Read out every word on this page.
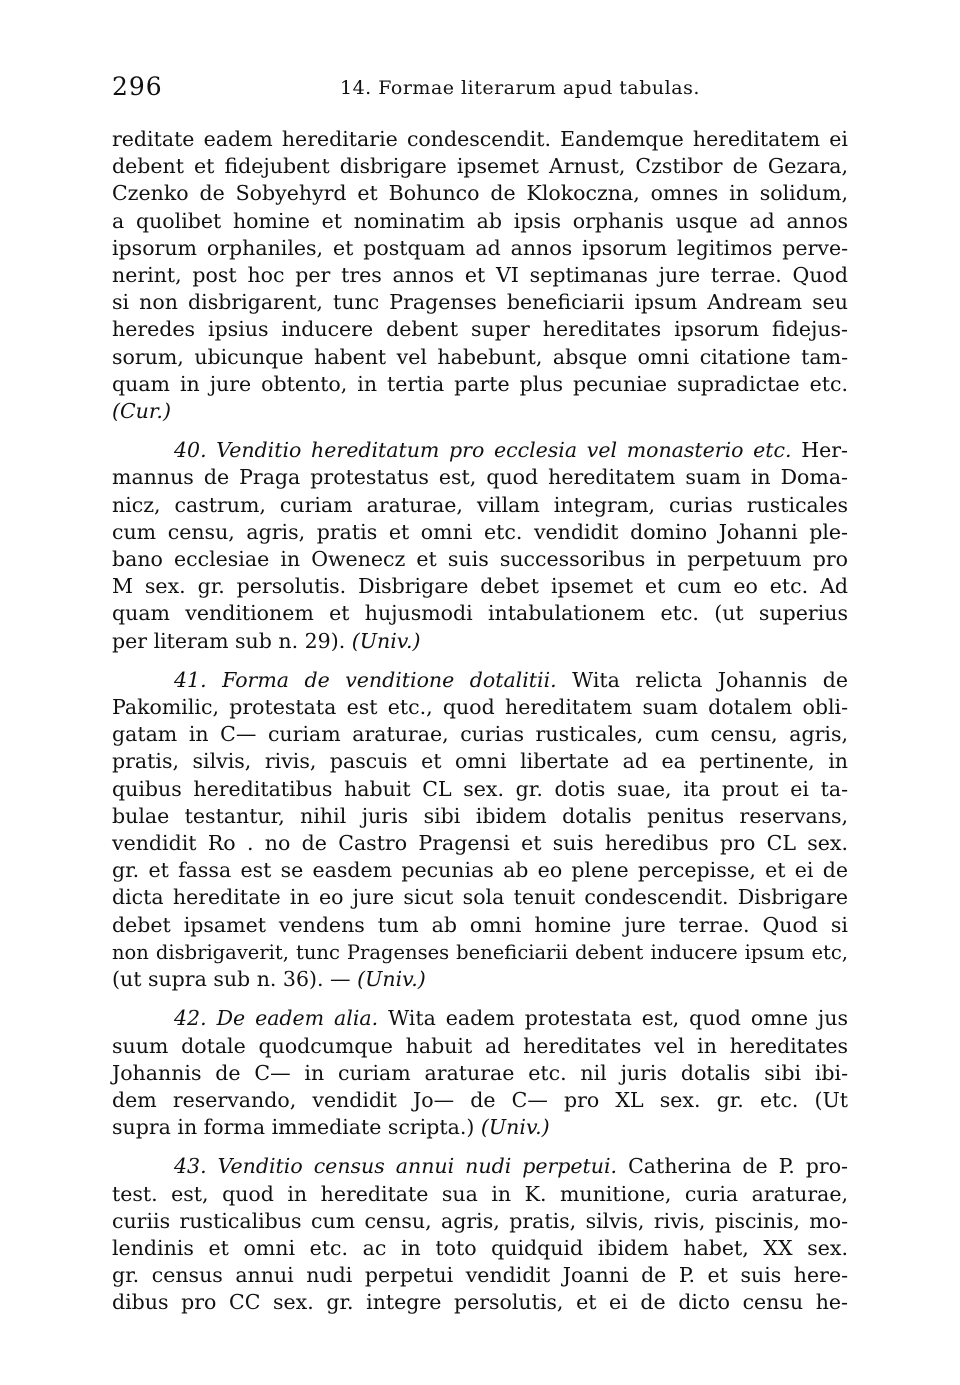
296	14. Formae literarum apud tabulas.
reditate eadem hereditarie condescendit. Eandemque hereditatem ei
debent et fidejubent disbrigare ipsemet Arnust, Czstibor de Gezara,
Czenko de Sobyehyrd et Bohunco de Klokoczna, omnes in solidum,
a quolibet homine et nominatim ab ipsis orphanis usque ad annos
ipsorum orphaniles, et postquam ad annos ipsorum legitimos perve-
nerint, post hoc per tres annos et VI septimanas jure terrae. Quod
si non disbrigarent, tunc Pragenses beneficiarii ipsum Andream seu
heredes ipsius inducere debent super hereditates ipsorum fidejus-
sorum, ubicunque habent vel habebunt, absque omni citatione tam-
quam in jure obtento, in tertia parte plus pecuniae supradictae etc.
(Cur.)
40. Venditio hereditatum pro ecclesia vel monasterio etc. Her-
mannus de Praga protestatus est, quod hereditatem suam in Doma-
nicz, castrum, curiam araturae, villam integram, curias rusticales
cum censu, agris, pratis et omni etc. vendidit domino Johanni ple-
bano ecclesiae in Owenecz et suis successoribus in perpetuum pro
M sex. gr. persolutis. Disbrigare debet ipsemet et cum eo etc. Ad
quam venditionem et hujusmodi intabulationem etc. (ut superius
per literam sub n. 29). (Univ.)
41. Forma de venditione dotalitii. Wita relicta Johannis de
Pakomilic, protestata est etc., quod hereditatem suam dotalem obli-
gatam in C— curiam araturae, curias rusticales, cum censu, agris,
pratis, silvis, rivis, pascuis et omni libertate ad ea pertinente, in
quibus hereditatibus habuit CL sex. gr. dotis suae, ita prout ei ta-
bulae testantur, nihil juris sibi ibidem dotalis penitus reservans,
vendidit Ro . no de Castro Pragensi et suis heredibus pro CL sex.
gr. et fassa est se easdem pecunias ab eo plene percepisse, et ei de
dicta hereditate in eo jure sicut sola tenuit condescendit. Disbrigare
debet ipsamet vendens tum ab omni homine jure terrae. Quod si
non disbrigaverit, tunc Pragenses beneficiarii debent inducere ipsum etc,
(ut supra sub n. 36). — (Univ.)
42. De eadem alia. Wita eadem protestata est, quod omne jus
suum dotale quodcumque habuit ad hereditates vel in hereditates
Johannis de C— in curiam araturae etc. nil juris dotalis sibi ibi-
dem reservando, vendidit Jo— de C— pro XL sex. gr. etc. (Ut
supra in forma immediate scripta.) (Univ.)
43. Venditio census annui nudi perpetui. Catherina de P. pro-
test. est, quod in hereditate sua in K. munitione, curia araturae,
curiis rusticalibus cum censu, agris, pratis, silvis, rivis, piscinis, mo-
lendinis et omni etc. ac in toto quidquid ibidem habet, XX sex.
gr. census annui nudi perpetui vendidit Joanni de P. et suis here-
dibus pro CC sex. gr. integre persolutis, et ei de dicto censu he-
